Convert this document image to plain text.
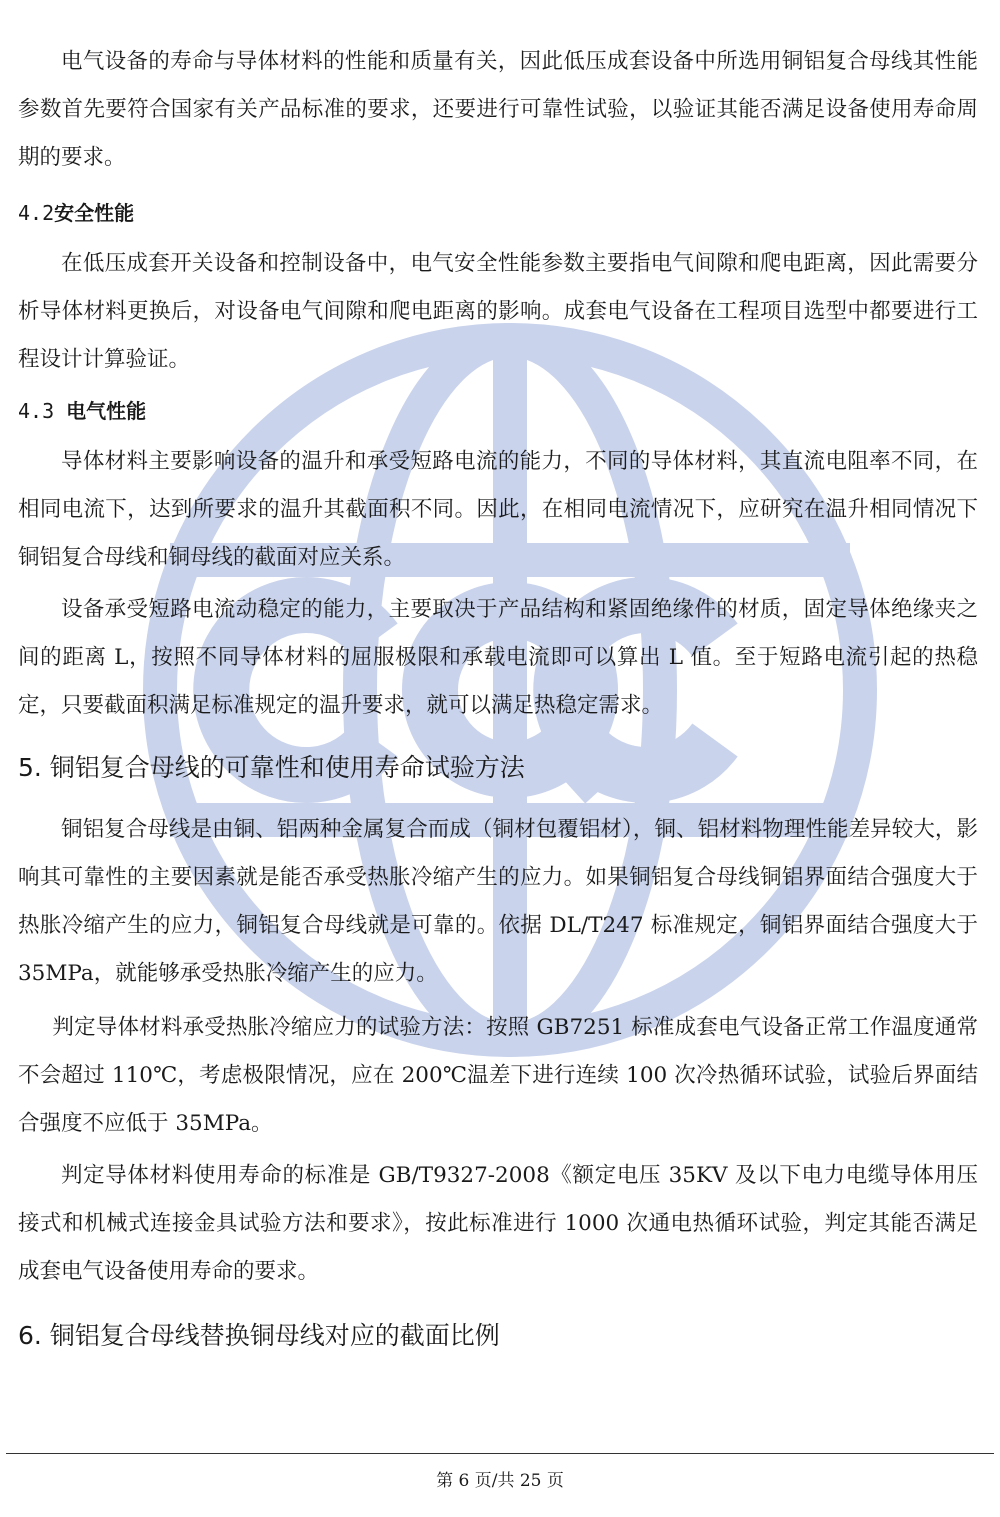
电气设备的寿命与导体材料的性能和质量有关，因此低压成套设备中所选用铜铝复合母线其性能参数首先要符合国家有关产品标准的要求，还要进行可靠性试验，以验证其能否满足设备使用寿命周期的要求。

4.2安全性能

在低压成套开关设备和控制设备中，电气安全性能参数主要指电气间隙和爬电距离，因此需要分析导体材料更换后，对设备电气间隙和爬电距离的影响。成套电气设备在工程项目选型中都要进行工程设计计算验证。

4.3 电气性能

导体材料主要影响设备的温升和承受短路电流的能力，不同的导体材料，其直流电阻率不同，在相同电流下，达到所要求的温升其截面积不同。因此，在相同电流情况下，应研究在温升相同情况下铜铝复合母线和铜母线的截面对应关系。

设备承受短路电流动稳定的能力，主要取决于产品结构和紧固绝缘件的材质，固定导体绝缘夹之间的距离 L，按照不同导体材料的屈服极限和承载电流即可以算出 L 值。至于短路电流引起的热稳定，只要截面积满足标准规定的温升要求，就可以满足热稳定需求。

5. 铜铝复合母线的可靠性和使用寿命试验方法

铜铝复合母线是由铜、铝两种金属复合而成（铜材包覆铝材），铜、铝材料物理性能差异较大，影响其可靠性的主要因素就是能否承受热胀冷缩产生的应力。如果铜铝复合母线铜铝界面结合强度大于热胀冷缩产生的应力，铜铝复合母线就是可靠的。依据 DL/T247 标准规定，铜铝界面结合强度大于 35MPa，就能够承受热胀冷缩产生的应力。

判定导体材料承受热胀冷缩应力的试验方法：按照 GB7251 标准成套电气设备正常工作温度通常不会超过 110℃，考虑极限情况，应在 200℃温差下进行连续 100 次冷热循环试验，试验后界面结合强度不应低于 35MPa。

判定导体材料使用寿命的标准是 GB/T9327-2008《额定电压 35KV 及以下电力电缆导体用压接式和机械式连接金具试验方法和要求》，按此标准进行 1000 次通电热循环试验，判定其能否满足成套电气设备使用寿命的要求。

6. 铜铝复合母线替换铜母线对应的截面比例
第 6 页/共 25 页
